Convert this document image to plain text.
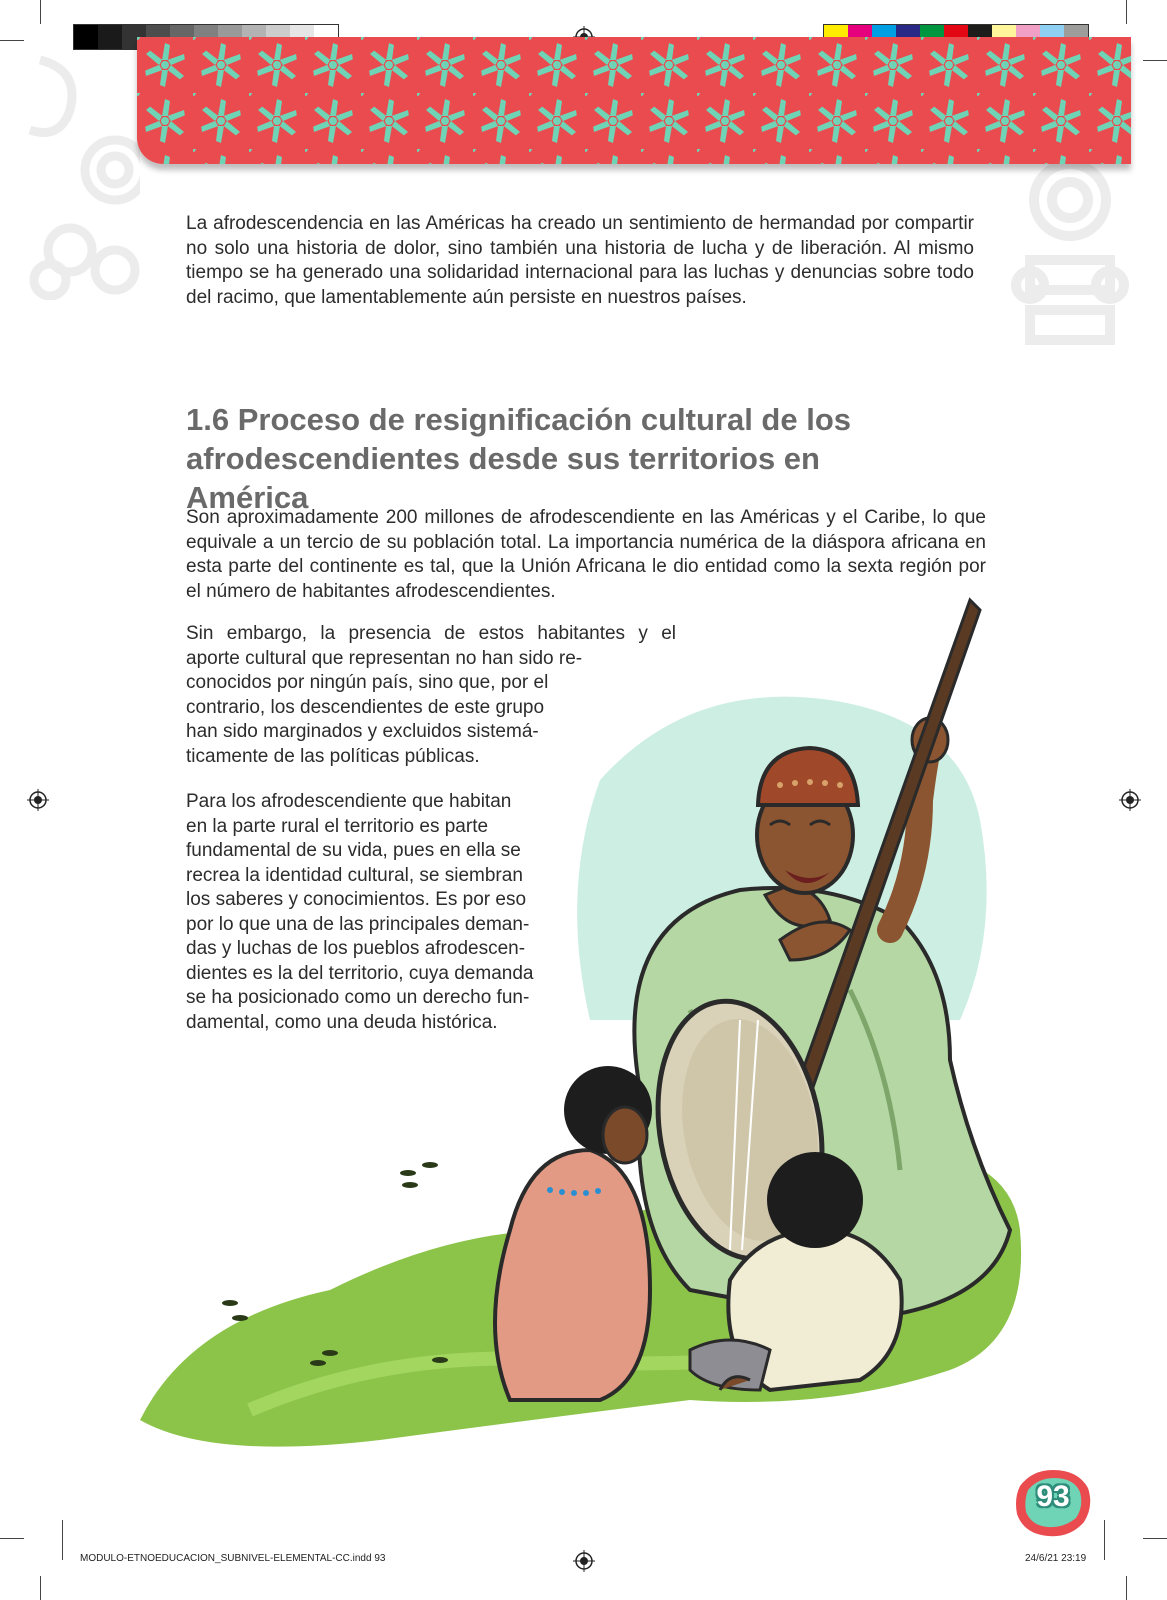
La afrodescendencia en las Américas ha creado un sentimiento de hermandad por compartir no solo una historia de dolor, sino también una historia de lucha y de liberación. Al mismo tiempo se ha generado una solidaridad internacional para las luchas y denuncias sobre todo del racimo, que lamentablemente aún persiste en nuestros países.

1.6 Proceso de resignificación cultural de los
afrodescendientes desde sus territorios en América

Son aproximadamente 200 millones de afrodescendiente en las Américas y el Caribe, lo que equivale a un tercio de su población total. La importancia numérica de la diáspora africana en esta parte del continente es tal, que la Unión Africana le dio entidad como la sexta región por el número de habitantes afrodescendientes.

Sin embargo, la presencia de estos habitantes y el
aporte cultural que representan no han sido re-
conocidos por ningún país, sino que, por el
contrario, los descendientes de este grupo
han sido marginados y excluidos sistemá-
ticamente de las políticas públicas.
Para los afrodescendiente que habitan
en la parte rural el territorio es parte
fundamental de su vida, pues en ella se
recrea la identidad cultural, se siembran
los saberes y conocimientos. Es por eso
por lo que una de las principales deman-
das y luchas de los pueblos afrodescen-
dientes es la del territorio, cuya demanda
se ha posicionado como un derecho fun-
damental, como una deuda histórica.
93
MODULO-ETNOEDUCACION_SUBNIVEL-ELEMENTAL-CC.indd 93	24/6/21 23:19
